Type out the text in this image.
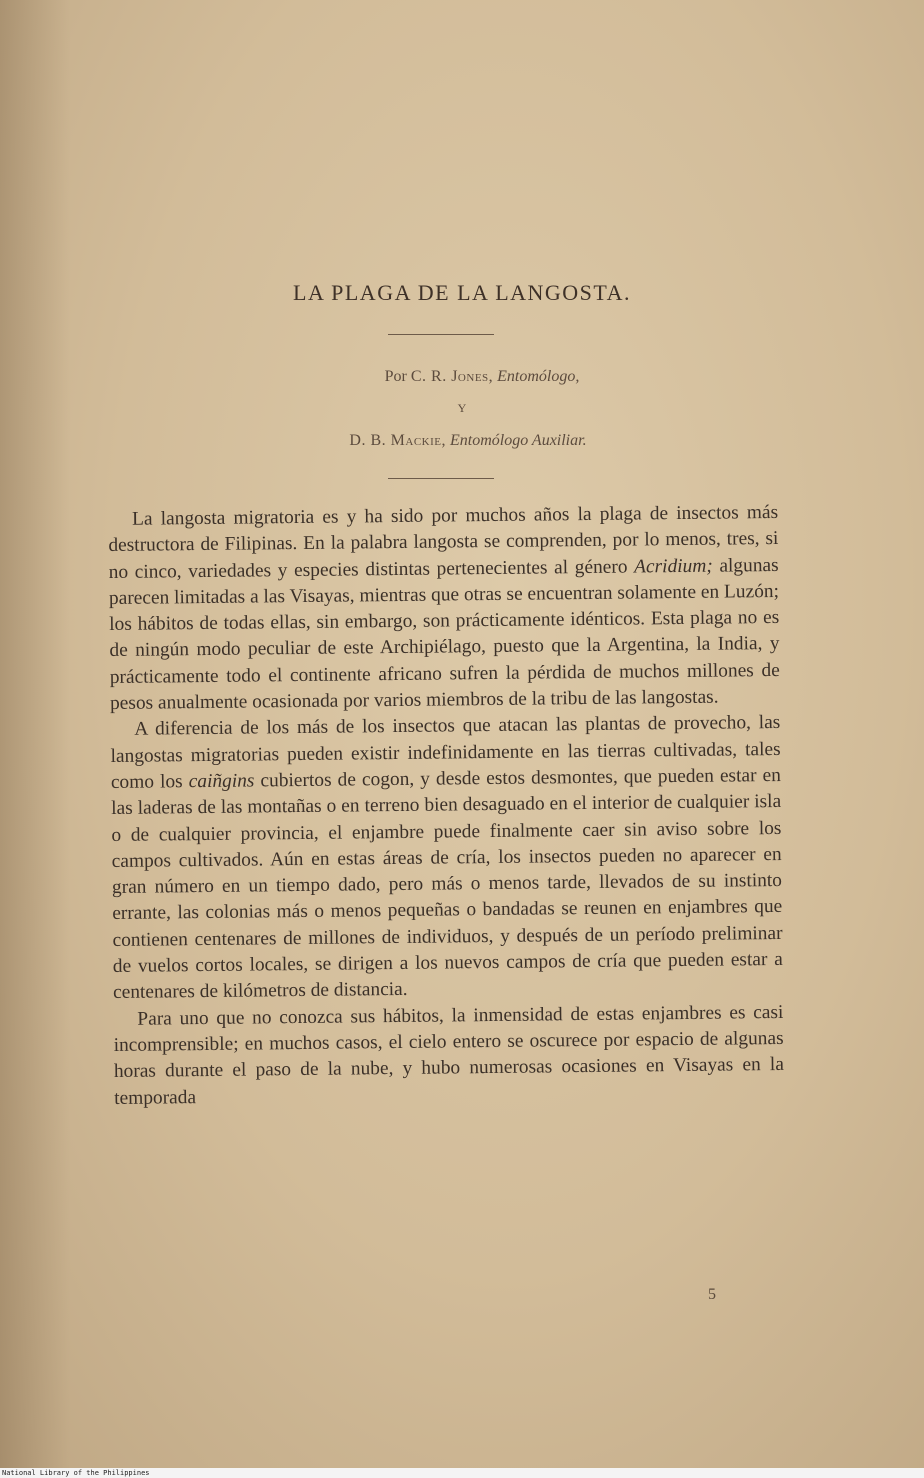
LA PLAGA DE LA LANGOSTA.
Por C. R. Jones, Entomólogo,
Y
D. B. Mackie, Entomólogo Auxiliar.

La langosta migratoria es y ha sido por muchos años la plaga de insectos más destructora de Filipinas. En la palabra langosta se comprenden, por lo menos, tres, si no cinco, variedades y especies distintas pertenecientes al género Acridium; algunas parecen limitadas a las Visayas, mientras que otras se encuentran solamente en Luzón; los hábitos de todas ellas, sin embargo, son prácticamente idénticos. Esta plaga no es de ningún modo peculiar de este Archipiélago, puesto que la Argentina, la India, y prácticamente todo el continente africano sufren la pérdida de muchos millones de pesos anualmente ocasionada por varios miembros de la tribu de las langostas.

A diferencia de los más de los insectos que atacan las plantas de provecho, las langostas migratorias pueden existir indefinidamente en las tierras cultivadas, tales como los caiñgins cubiertos de cogon, y desde estos desmontes, que pueden estar en las laderas de las montañas o en terreno bien desaguado en el interior de cualquier isla o de cualquier provincia, el enjambre puede finalmente caer sin aviso sobre los campos cultivados. Aún en estas áreas de cría, los insectos pueden no aparecer en gran número en un tiempo dado, pero más o menos tarde, llevados de su instinto errante, las colonias más o menos pequeñas o bandadas se reunen en enjambres que contienen centenares de millones de individuos, y después de un período preliminar de vuelos cortos locales, se dirigen a los nuevos campos de cría que pueden estar a centenares de kilómetros de distancia.

Para uno que no conozca sus hábitos, la inmensidad de estas enjambres es casi incomprensible; en muchos casos, el cielo entero se oscurece por espacio de algunas horas durante el paso de la nube, y hubo numerosas ocasiones en Visayas en la temporada

5
National Library of the Philippines
